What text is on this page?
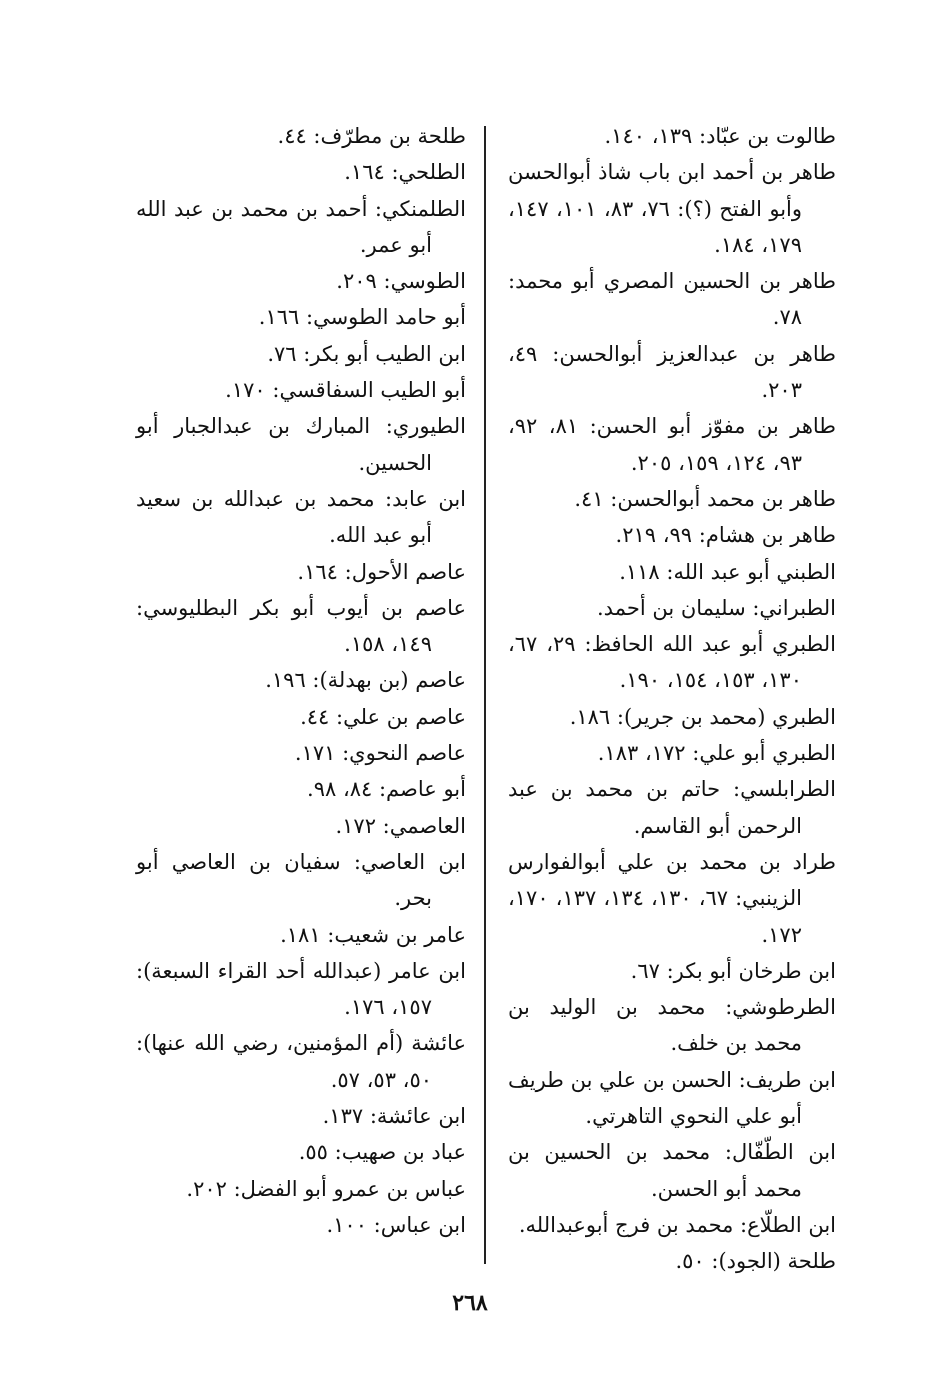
طالوت بن عبّاد: ١٣٩، ١٤٠.
طاهر بن أحمد ابن باب شاذ أبوالحسن وأبو الفتح (؟): ٧٦، ٨٣، ١٠١، ١٤٧، ١٧٩، ١٨٤.
طاهر بن الحسين المصري أبو محمد: ٧٨.
طاهر بن عبدالعزيز أبوالحسن: ٤٩، ٢٠٣.
طاهر بن مفوّز أبو الحسن: ٨١، ٩٢، ٩٣، ١٢٤، ١٥٩، ٢٠٥.
طاهر بن محمد أبوالحسن: ٤١.
طاهر بن هشام: ٩٩، ٢١٩.
الطبني أبو عبد الله: ١١٨.
الطبراني: سليمان بن أحمد.
الطبري أبو عبد الله الحافظ: ٢٩، ٦٧، ١٣٠، ١٥٣، ١٥٤، ١٩٠.
الطبري (محمد بن جرير): ١٨٦.
الطبري أبو علي: ١٧٢، ١٨٣.
الطرابلسي: حاتم بن محمد بن عبد الرحمن أبو القاسم.
طراد بن محمد بن علي أبوالفوارس الزينبي: ٦٧، ١٣٠، ١٣٤، ١٣٧، ١٧٠، ١٧٢.
ابن طرخان أبو بكر: ٦٧.
الطرطوشي: محمد بن الوليد بن محمد بن خلف.
ابن طريف: الحسن بن علي بن طريف أبو علي النحوي التاهرتي.
ابن الطّفّال: محمد بن الحسين بن محمد أبو الحسن.
ابن الطلّاع: محمد بن فرج أبوعبدالله.
طلحة (الجود): ٥٠.
طلحة بن مطرّف: ٤٤.
الطلحي: ١٦٤.
الطلمنكي: أحمد بن محمد بن عبد الله أبو عمر.
الطوسي: ٢٠٩.
أبو حامد الطوسي: ١٦٦.
ابن الطيب أبو بكر: ٧٦.
أبو الطيب السفاقسي: ١٧٠.
الطيوري: المبارك بن عبدالجبار أبو الحسين.
ابن عابد: محمد بن عبدالله بن سعيد أبو عبد الله.
عاصم الأحول: ١٦٤.
عاصم بن أيوب أبو بكر البطليوسي: ١٤٩، ١٥٨.
عاصم (بن بهدلة): ١٩٦.
عاصم بن علي: ٤٤.
عاصم النحوي: ١٧١.
أبو عاصم: ٨٤، ٩٨.
العاصمي: ١٧٢.
ابن العاصي: سفيان بن العاصي أبو بحر.
عامر بن شعيب: ١٨١.
ابن عامر (عبدالله أحد القراء السبعة): ١٥٧، ١٧٦.
عائشة (أم المؤمنين، رضي الله عنها): ٥٠، ٥٣، ٥٧.
ابن عائشة: ١٣٧.
عباد بن صهيب: ٥٥.
عباس بن عمرو أبو الفضل: ٢٠٢.
ابن عباس: ١٠٠.
٢٦٨
